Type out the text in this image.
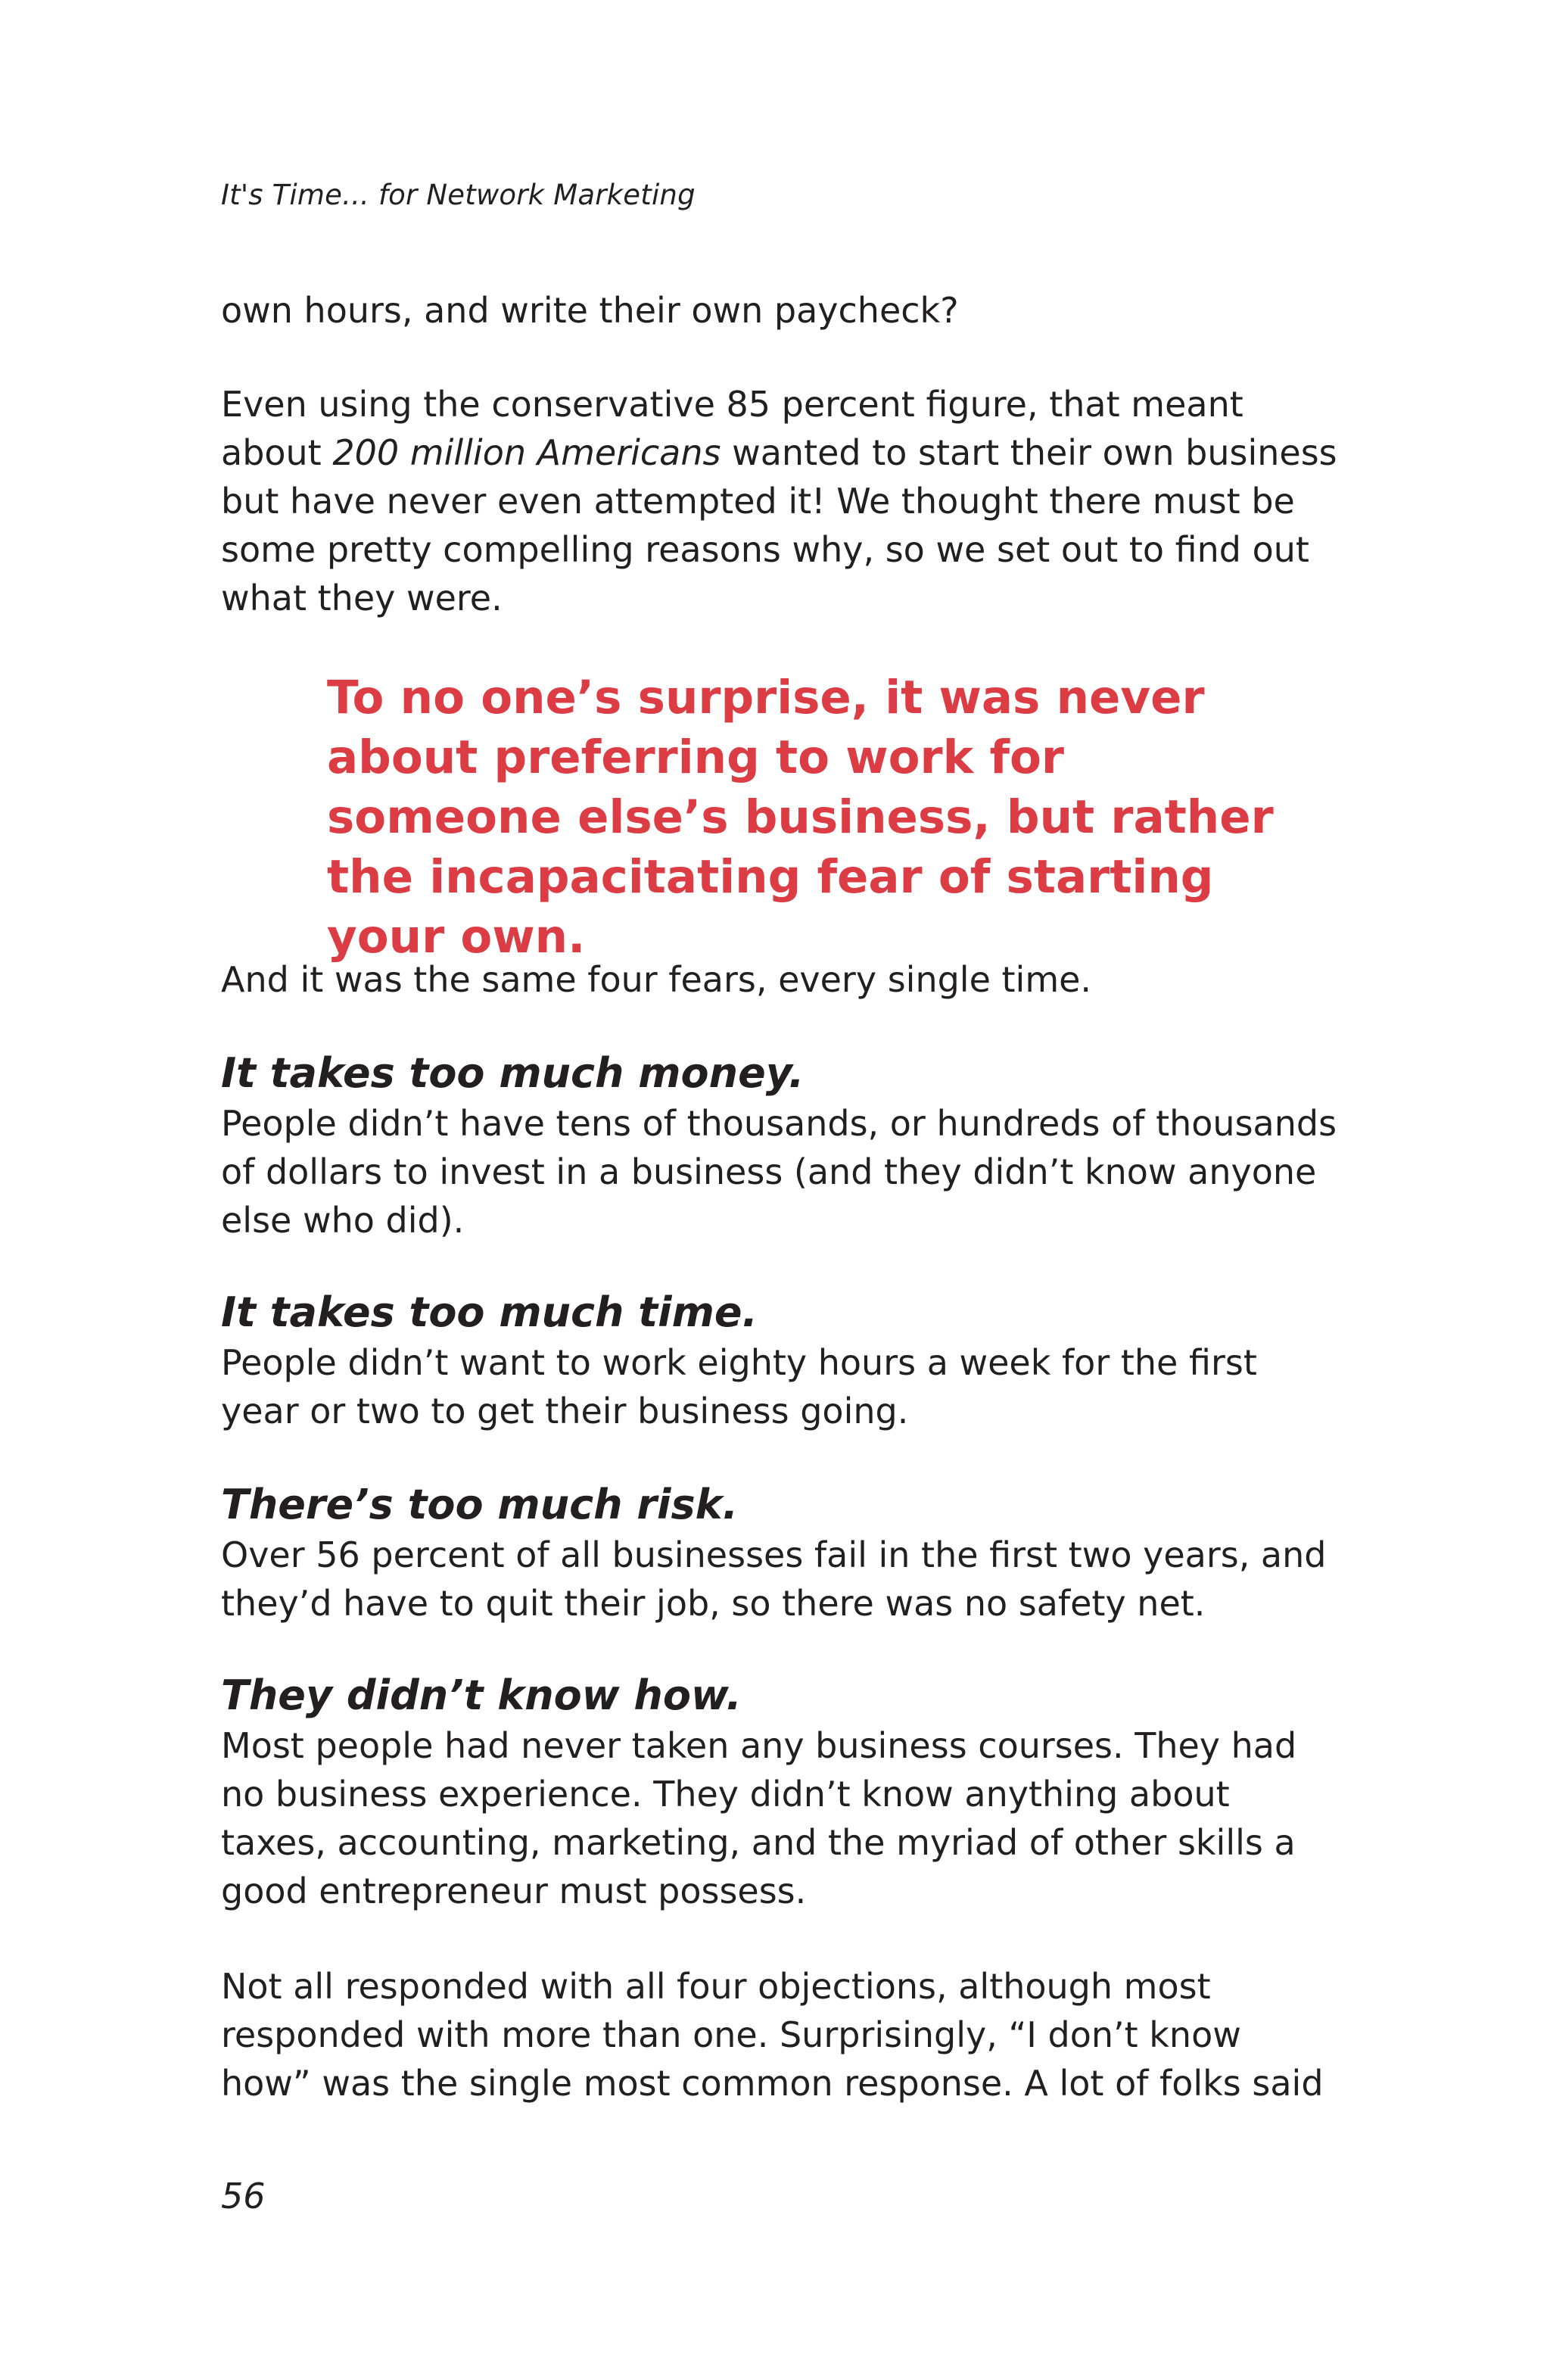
It's Time... for Network Marketing

own hours, and write their own paycheck?

Even using the conservative 85 percent figure, that meant about 200 million Americans wanted to start their own business but have never even attempted it! We thought there must be some pretty compelling reasons why, so we set out to find out what they were.

To no one’s surprise, it was never about preferring to work for someone else’s business, but rather the incapacitating fear of starting your own.

And it was the same four fears, every single time.

It takes too much money.

People didn’t have tens of thousands, or hundreds of thousands of dollars to invest in a business (and they didn’t know anyone else who did).

It takes too much time.

People didn’t want to work eighty hours a week for the first year or two to get their business going.

There’s too much risk.

Over 56 percent of all businesses fail in the first two years, and they’d have to quit their job, so there was no safety net.

They didn’t know how.

Most people had never taken any business courses. They had no business experience. They didn’t know anything about taxes, accounting, marketing, and the myriad of other skills a good entrepreneur must possess.

Not all responded with all four objections, although most responded with more than one. Surprisingly, “I don’t know how” was the single most common response. A lot of folks said

56
